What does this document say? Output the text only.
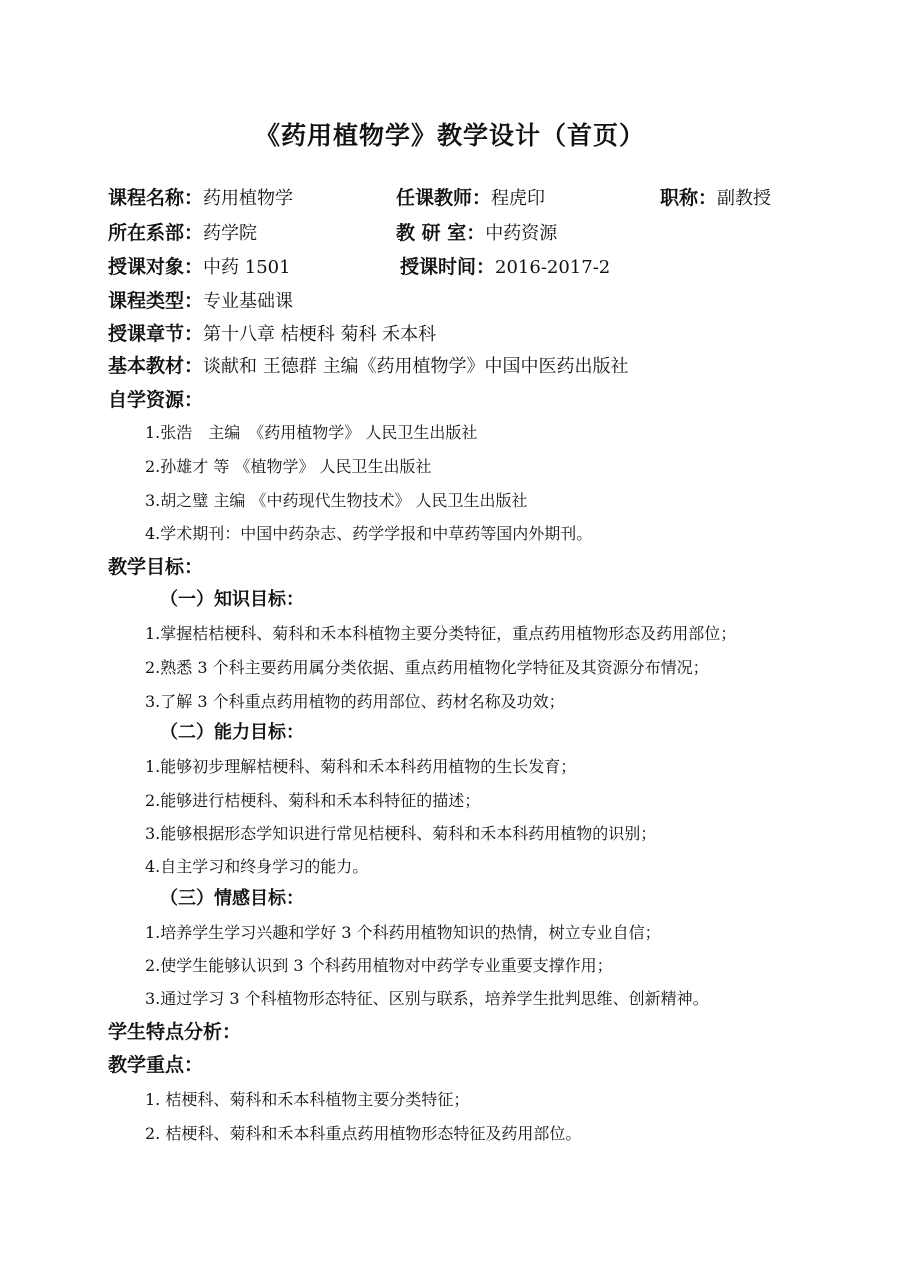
《药用植物学》教学设计（首页）
课程名称：药用植物学	任课教师：程虎印	职称：副教授
所在系部：药学院	教 研 室：中药资源
授课对象：中药 1501	授课时间：2016-2017-2
课程类型：专业基础课
授课章节：第十八章 桔梗科 菊科 禾本科
基本教材：谈献和 王德群 主编《药用植物学》中国中医药出版社
自学资源：
1.张浩　主编　《药用植物学》 人民卫生出版社
2.孙雄才 等 《植物学》 人民卫生出版社
3.胡之璧 主编 《中药现代生物技术》 人民卫生出版社
4.学术期刊：中国中药杂志、药学学报和中草药等国内外期刊。
教学目标：
（一）知识目标：
1.掌握桔桔梗科、菊科和禾本科植物主要分类特征，重点药用植物形态及药用部位；
2.熟悉 3 个科主要药用属分类依据、重点药用植物化学特征及其资源分布情况；
3.了解 3 个科重点药用植物的药用部位、药材名称及功效；
（二）能力目标：
1.能够初步理解桔梗科、菊科和禾本科药用植物的生长发育；
2.能够进行桔梗科、菊科和禾本科特征的描述；
3.能够根据形态学知识进行常见桔梗科、菊科和禾本科药用植物的识别；
4.自主学习和终身学习的能力。
（三）情感目标：
1.培养学生学习兴趣和学好 3 个科药用植物知识的热情，树立专业自信；
2.使学生能够认识到 3 个科药用植物对中药学专业重要支撑作用；
3.通过学习 3 个科植物形态特征、区别与联系，培养学生批判思维、创新精神。
学生特点分析：
教学重点：
1. 桔梗科、菊科和禾本科植物主要分类特征；
2. 桔梗科、菊科和禾本科重点药用植物形态特征及药用部位。
